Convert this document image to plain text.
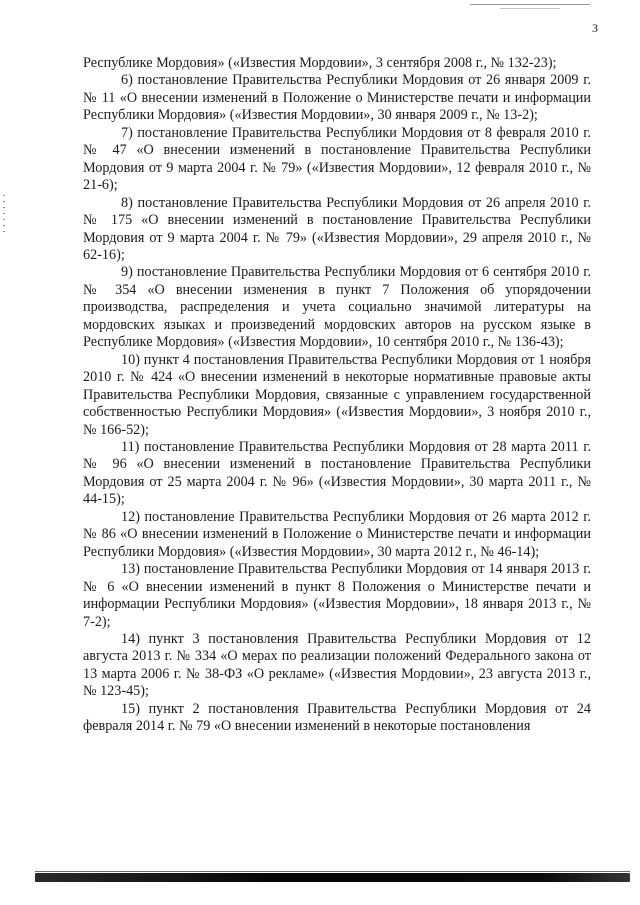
3

Республике Мордовия» («Известия Мордовии», 3 сентября 2008 г., № 132-23);

6) постановление Правительства Республики Мордовия от 26 января 2009 г. № 11 «О внесении изменений в Положение о Министерстве печати и информации Республики Мордовия» («Известия Мордовии», 30 января 2009 г., № 13-2);

7) постановление Правительства Республики Мордовия от 8 февраля 2010 г. № 47 «О внесении изменений в постановление Правительства Республики Мордовия от 9 марта 2004 г. № 79» («Известия Мордовии», 12 февраля 2010 г., № 21-6);

8) постановление Правительства Республики Мордовия от 26 апреля 2010 г. № 175 «О внесении изменений в постановление Правительства Республики Мордовия от 9 марта 2004 г. № 79» («Известия Мордовии», 29 апреля 2010 г., № 62-16);

9) постановление Правительства Республики Мордовия от 6 сентября 2010 г. № 354 «О внесении изменения в пункт 7 Положения об упорядочении производства, распределения и учета социально значимой литературы на мордовских языках и произведений мордовских авторов на русском языке в Республике Мордовия» («Известия Мордовии», 10 сентября 2010 г., № 136-43);

10) пункт 4 постановления Правительства Республики Мордовия от 1 ноября 2010 г. № 424 «О внесении изменений в некоторые нормативные правовые акты Правительства Республики Мордовия, связанные с управлением государственной собственностью Республики Мордовия» («Известия Мордовии», 3 ноября 2010 г., № 166-52);

11) постановление Правительства Республики Мордовия от 28 марта 2011 г. № 96 «О внесении изменений в постановление Правительства Республики Мордовия от 25 марта 2004 г. № 96» («Известия Мордовии», 30 марта 2011 г., № 44-15);

12) постановление Правительства Республики Мордовия от 26 марта 2012 г. № 86 «О внесении изменений в Положение о Министерстве печати и информации Республики Мордовия» («Известия Мордовии», 30 марта 2012 г., № 46-14);

13) постановление Правительства Республики Мордовия от 14 января 2013 г. № 6 «О внесении изменений в пункт 8 Положения о Министерстве печати и информации Республики Мордовия» («Известия Мордовии», 18 января 2013 г., № 7-2);

14) пункт 3 постановления Правительства Республики Мордовия от 12 августа 2013 г. № 334 «О мерах по реализации положений Федерального закона от 13 марта 2006 г. № 38-ФЗ «О рекламе» («Известия Мордовии», 23 августа 2013 г., № 123-45);

15) пункт 2 постановления Правительства Республики Мордовия от 24 февраля 2014 г. № 79 «О внесении изменений в некоторые постановления
